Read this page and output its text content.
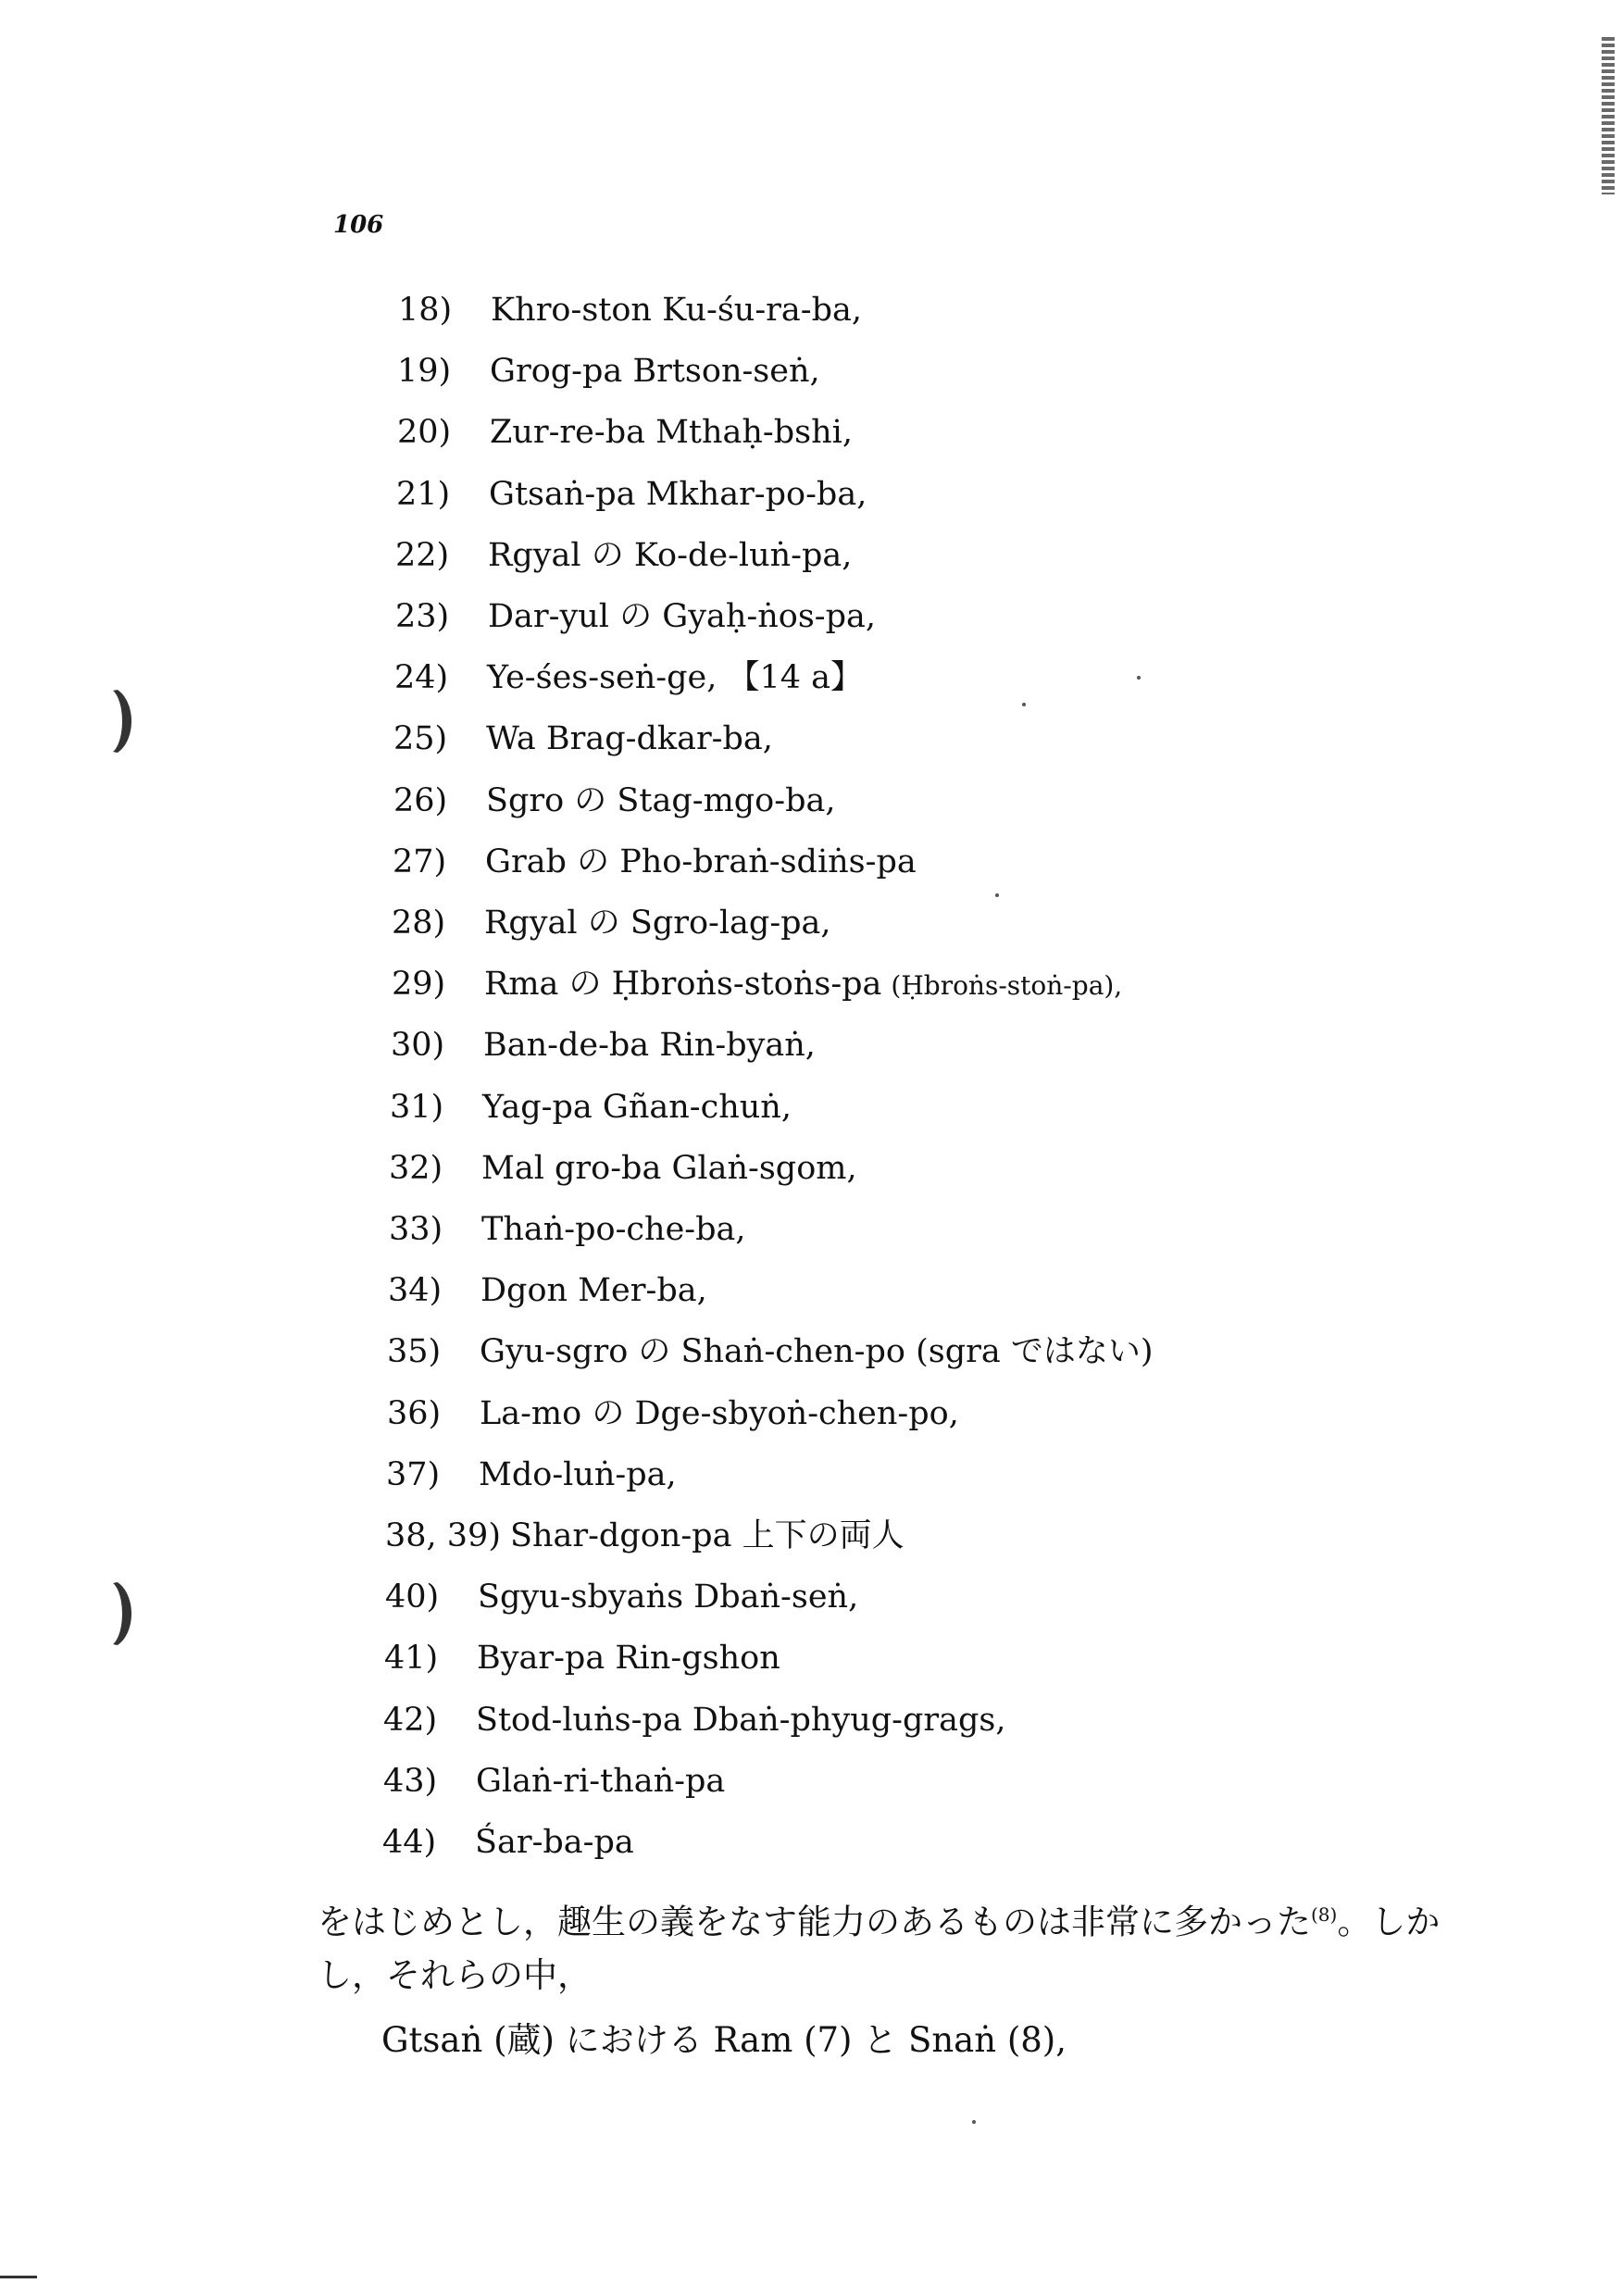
106
18) Khro-ston Ku-śu-ra-ba,
19) Grog-pa Brtson-seṅ,
20) Zur-re-ba Mthaḥ-bshi,
21) Gtsaṅ-pa Mkhar-po-ba,
22) Rgyal の Ko-de-luṅ-pa,
23) Dar-yul の Gyaḥ-ṅos-pa,
24) Ye-śes-seṅ-ge, 【14 a】
25) Wa Brag-dkar-ba,
26) Sgro の Stag-mgo-ba,
27) Grab の Pho-braṅ-sdiṅs-pa
28) Rgyal の Sgro-lag-pa,
29) Rma の Ḥbroṅs-stoṅs-pa (Ḥbroṅs-stoṅ-pa),
30) Ban-de-ba Rin-byaṅ,
31) Yag-pa Gñan-chuṅ,
32) Mal gro-ba Glaṅ-sgom,
33) Thaṅ-po-che-ba,
34) Dgon Mer-ba,
35) Gyu-sgro の Shaṅ-chen-po (sgra ではない)
36) La-mo の Dge-sbyoṅ-chen-po,
37) Mdo-luṅ-pa,
38, 39) Shar-dgon-pa 上下の両人
40) Sgyu-sbyaṅs Dbaṅ-seṅ,
41) Byar-pa Rin-gshon
42) Stod-luṅs-pa Dbaṅ-phyug-grags,
43) Glaṅ-ri-thaṅ-pa
44) Śar-ba-pa
をはじめとし，趣生の義をなす能力のあるものは非常に多かった$^{(8)}$。しか
し，それらの中，
Gtsaṅ (蔵) における Ram (7) と Snaṅ (8),
